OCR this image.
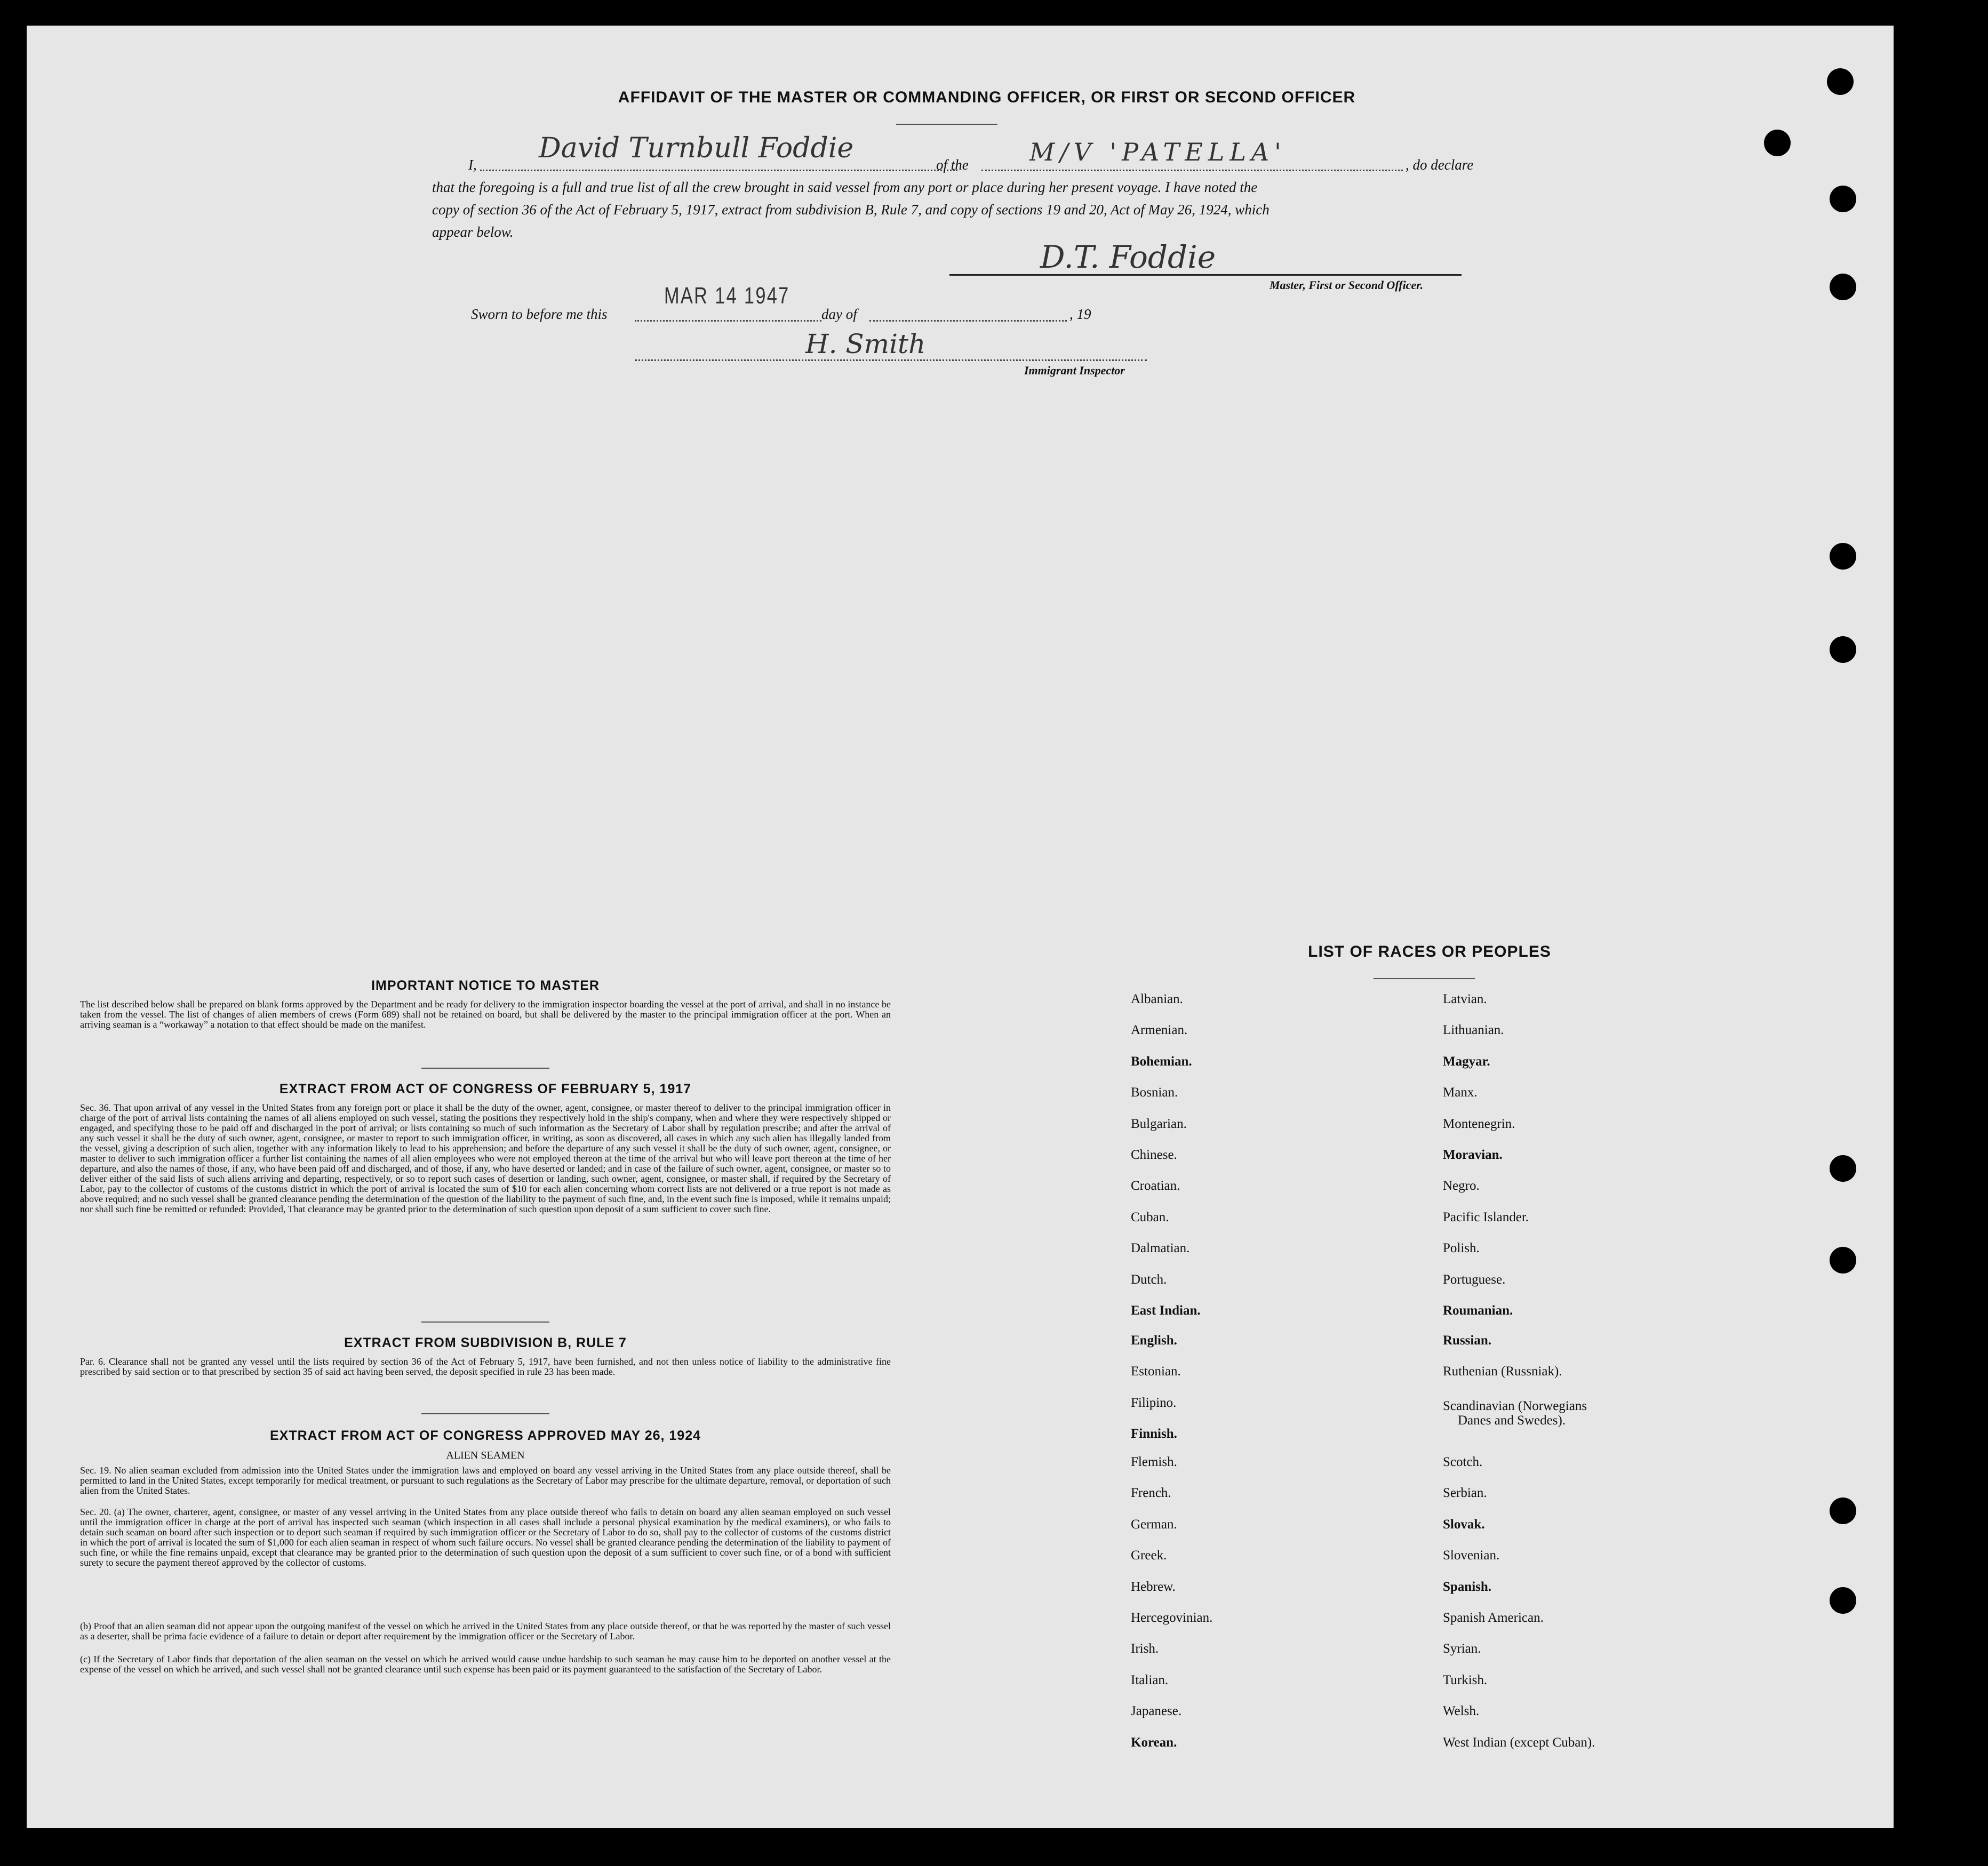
AFFIDAVIT OF THE MASTER OR COMMANDING OFFICER, OR FIRST OR SECOND OFFICER
I,
David Turnbull Foddie
of the M/V 'PATELLA'	, do declare
that the foregoing is a full and true list of all the crew brought in said vessel from any port or place during her present voyage. I have noted the
copy of section 36 of the Act of February 5, 1917, extract from subdivision B, Rule 7, and copy of sections 19 and 20, Act of May 26, 1924, which
appear below.
D.T. Foddie
Master, First or Second Officer.
Sworn to before me this
MAR 14 1947
day of	, 19
H. Smith
Immigrant Inspector
IMPORTANT NOTICE TO MASTER
The list described below shall be prepared on blank forms approved by the Department and be ready for delivery to the immigration inspector boarding the vessel at the port of arrival, and shall in no instance be taken from the vessel. The list of changes of alien members of crews (Form 689) shall not be retained on board, but shall be delivered by the master to the principal immigration officer at the port. When an arriving seaman is a “workaway” a notation to that effect should be made on the manifest.
EXTRACT FROM ACT OF CONGRESS OF FEBRUARY 5, 1917
Sec. 36. That upon arrival of any vessel in the United States from any foreign port or place it shall be the duty of the owner, agent, consignee, or master thereof to deliver to the principal immigration officer in charge of the port of arrival lists containing the names of all aliens employed on such vessel, stating the positions they respectively hold in the ship's company, when and where they were respectively shipped or engaged, and specifying those to be paid off and discharged in the port of arrival; or lists containing so much of such information as the Secretary of Labor shall by regulation prescribe; and after the arrival of any such vessel it shall be the duty of such owner, agent, consignee, or master to report to such immigration officer, in writing, as soon as discovered, all cases in which any such alien has illegally landed from the vessel, giving a description of such alien, together with any information likely to lead to his apprehension; and before the departure of any such vessel it shall be the duty of such owner, agent, consignee, or master to deliver to such immigration officer a further list containing the names of all alien employees who were not employed thereon at the time of the arrival but who will leave port thereon at the time of her departure, and also the names of those, if any, who have been paid off and discharged, and of those, if any, who have deserted or landed; and in case of the failure of such owner, agent, consignee, or master so to deliver either of the said lists of such aliens arriving and departing, respectively, or so to report such cases of desertion or landing, such owner, agent, consignee, or master shall, if required by the Secretary of Labor, pay to the collector of customs of the customs district in which the port of arrival is located the sum of $10 for each alien concerning whom correct lists are not delivered or a true report is not made as above required; and no such vessel shall be granted clearance pending the determination of the question of the liability to the payment of such fine, and, in the event such fine is imposed, while it remains unpaid; nor shall such fine be remitted or refunded: Provided, That clearance may be granted prior to the determination of such question upon deposit of a sum sufficient to cover such fine.
EXTRACT FROM SUBDIVISION B, RULE 7
Par. 6. Clearance shall not be granted any vessel until the lists required by section 36 of the Act of February 5, 1917, have been furnished, and not then unless notice of liability to the administrative fine prescribed by said section or to that prescribed by section 35 of said act having been served, the deposit specified in rule 23 has been made.
EXTRACT FROM ACT OF CONGRESS APPROVED MAY 26, 1924
ALIEN SEAMEN
Sec. 19. No alien seaman excluded from admission into the United States under the immigration laws and employed on board any vessel arriving in the United States from any place outside thereof, shall be permitted to land in the United States, except temporarily for medical treatment, or pursuant to such regulations as the Secretary of Labor may prescribe for the ultimate departure, removal, or deportation of such alien from the United States.
Sec. 20. (a) The owner, charterer, agent, consignee, or master of any vessel arriving in the United States from any place outside thereof who fails to detain on board any alien seaman employed on such vessel until the immigration officer in charge at the port of arrival has inspected such seaman (which inspection in all cases shall include a personal physical examination by the medical examiners), or who fails to detain such seaman on board after such inspection or to deport such seaman if required by such immigration officer or the Secretary of Labor to do so, shall pay to the collector of customs of the customs district in which the port of arrival is located the sum of $1,000 for each alien seaman in respect of whom such failure occurs. No vessel shall be granted clearance pending the determination of the liability to payment of such fine, or while the fine remains unpaid, except that clearance may be granted prior to the determination of such question upon the deposit of a sum sufficient to cover such fine, or of a bond with sufficient surety to secure the payment thereof approved by the collector of customs.
(b) Proof that an alien seaman did not appear upon the outgoing manifest of the vessel on which he arrived in the United States from any place outside thereof, or that he was reported by the master of such vessel as a deserter, shall be prima facie evidence of a failure to detain or deport after requirement by the immigration officer or the Secretary of Labor.
(c) If the Secretary of Labor finds that deportation of the alien seaman on the vessel on which he arrived would cause undue hardship to such seaman he may cause him to be deported on another vessel at the expense of the vessel on which he arrived, and such vessel shall not be granted clearance until such expense has been paid or its payment guaranteed to the satisfaction of the Secretary of Labor.
LIST OF RACES OR PEOPLES
Albanian.
Armenian.
Bohemian.
Bosnian.
Bulgarian.
Chinese.
Croatian.
Cuban.
Dalmatian.
Dutch.
East Indian.
English.
Estonian.
Filipino.
Finnish.
Flemish.
French.
German.
Greek.
Hebrew.
Hercegovinian.
Irish.
Italian.
Japanese.
Korean.
Latvian.
Lithuanian.
Magyar.
Manx.
Montenegrin.
Moravian.
Negro.
Pacific Islander.
Polish.
Portuguese.
Roumanian.
Russian.
Ruthenian (Russniak).
Scandinavian (Norwegians
Danes and Swedes).
Scotch.
Serbian.
Slovak.
Slovenian.
Spanish.
Spanish American.
Syrian.
Turkish.
Welsh.
West Indian (except Cuban).
